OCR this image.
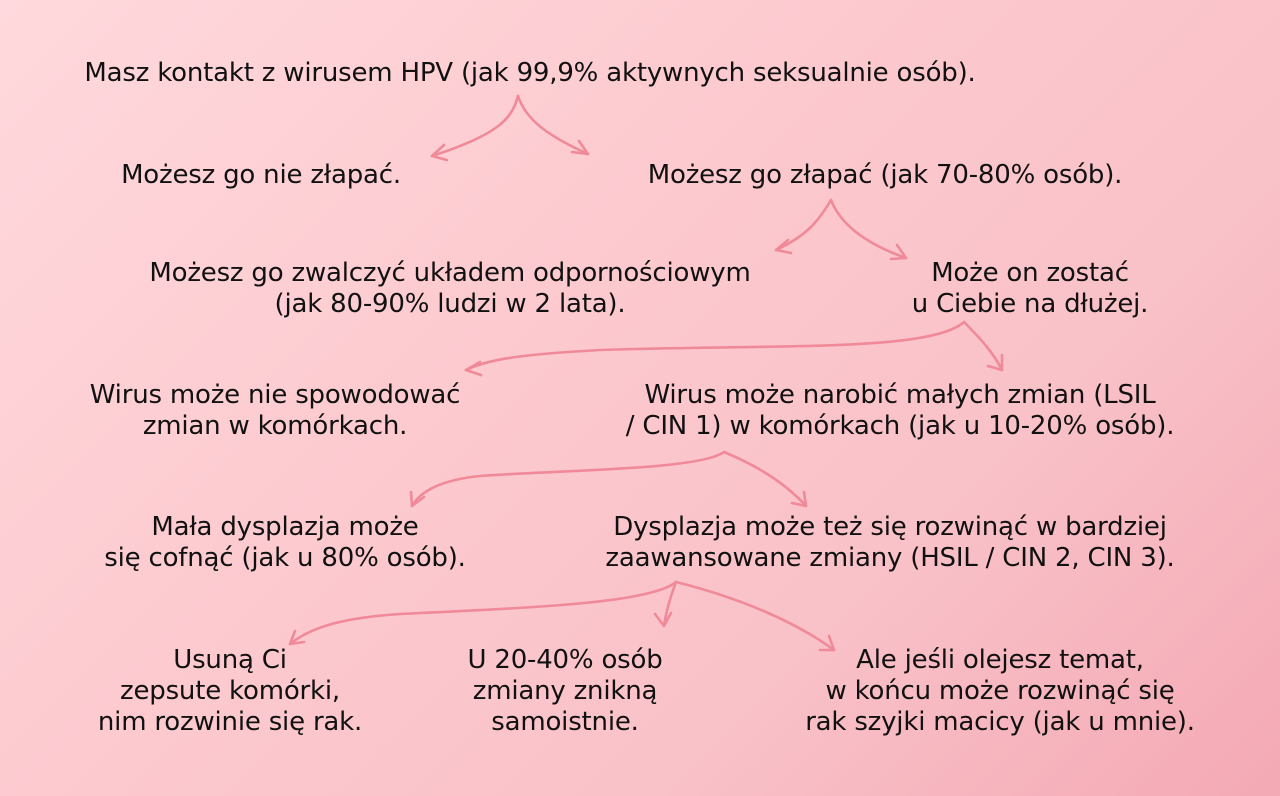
Masz kontakt z wirusem HPV (jak 99,9% aktywnych seksualnie osób).
Możesz go nie złapać.	Możesz go złapać (jak 70-80% osób).
Możesz go zwalczyć układem odpornościowym
(jak 80-90% ludzi w 2 lata).
Może on zostać
u Ciebie na dłużej.
Wirus może nie spowodować
zmian w komórkach.
Wirus może narobić małych zmian (LSIL
/ CIN 1) w komórkach (jak u 10-20% osób).
Mała dysplazja może
się cofnąć (jak u 80% osób).
Dysplazja może też się rozwinąć w bardziej
zaawansowane zmiany (HSIL / CIN 2, CIN 3).
Usuną Ci
zepsute komórki,
nim rozwinie się rak.
U 20-40% osób
zmiany znikną
samoistnie.
Ale jeśli olejesz temat,
w końcu może rozwinąć się
rak szyjki macicy (jak u mnie).
